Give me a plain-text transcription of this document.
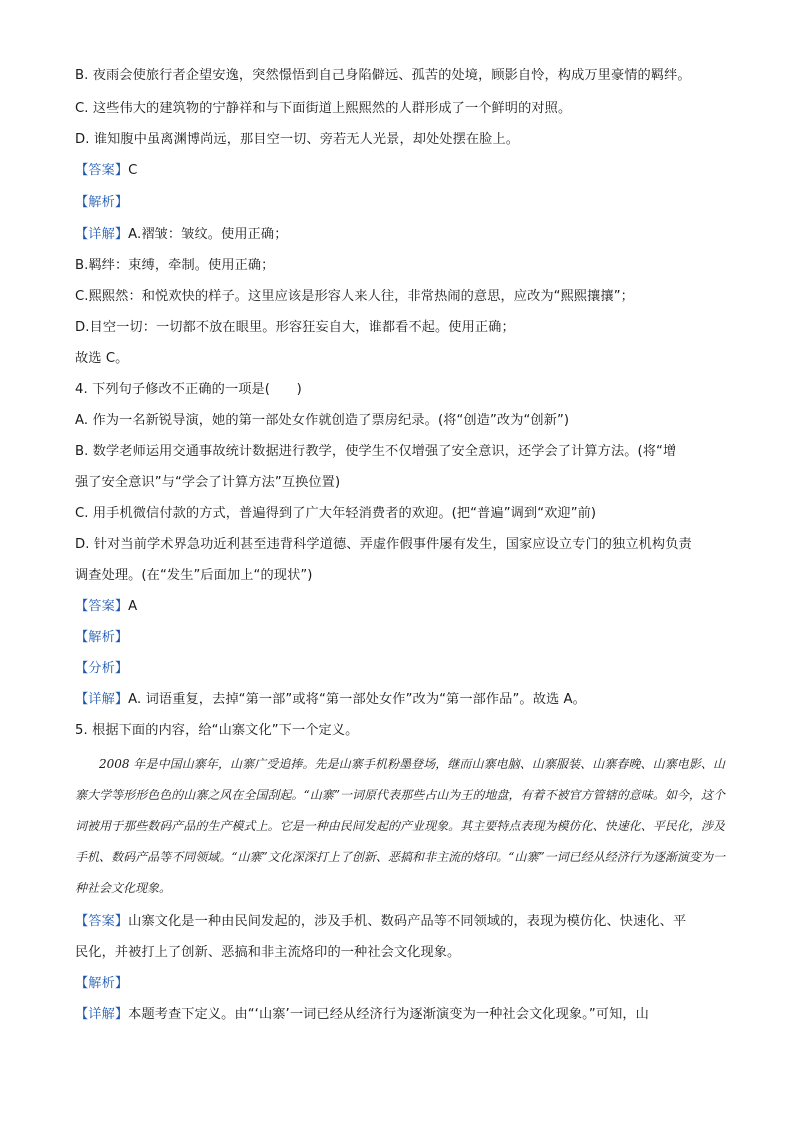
B. 夜雨会使旅行者企望安逸，突然憬悟到自己身陷僻远、孤苦的处境，顾影自怜，构成万里豪情的羁绊。
C. 这些伟大的建筑物的宁静祥和与下面街道上熙熙然的人群形成了一个鲜明的对照。
D. 谁知腹中虽离渊博尚远，那目空一切、旁若无人光景，却处处摆在脸上。
【答案】C
【解析】
【详解】A.褶皱：皱纹。使用正确；
B.羁绊：束缚，牵制。使用正确；
C.熙熙然：和悦欢快的样子。这里应该是形容人来人往，非常热闹的意思，应改为“熙熙攘攘”；
D.目空一切：一切都不放在眼里。形容狂妄自大，谁都看不起。使用正确；
故选 C。
4. 下列句子修改不正确的一项是(　　)
A. 作为一名新锐导演，她的第一部处女作就创造了票房纪录。(将“创造”改为“创新”)
B. 数学老师运用交通事故统计数据进行教学，使学生不仅增强了安全意识，还学会了计算方法。(将“增
强了安全意识”与“学会了计算方法”互换位置)
C. 用手机微信付款的方式，普遍得到了广大年轻消费者的欢迎。(把“普遍”调到“欢迎”前)
D. 针对当前学术界急功近利甚至违背科学道德、弄虚作假事件屡有发生，国家应设立专门的独立机构负责
调查处理。(在“发生”后面加上“的现状”)
【答案】A
【解析】
【分析】
【详解】A. 词语重复，去掉“第一部”或将“第一部处女作”改为“第一部作品”。故选 A。
5. 根据下面的内容，给“山寨文化”下一个定义。

2008 年是中国山寨年，山寨广受追捧。先是山寨手机粉墨登场，继而山寨电脑、山寨服装、山寨春晚、山寨电影、山寨大学等形形色色的山寨之风在全国刮起。“山寨”一词原代表那些占山为王的地盘，有着不被官方管辖的意味。如今，这个词被用于那些数码产品的生产模式上。它是一种由民间发起的产业现象。其主要特点表现为模仿化、快速化、平民化，涉及手机、数码产品等不同领域。“山寨”文化深深打上了创新、恶搞和非主流的烙印。“山寨”一词已经从经济行为逐渐演变为一种社会文化现象。

【答案】山寨文化是一种由民间发起的，涉及手机、数码产品等不同领域的，表现为模仿化、快速化、平
民化，并被打上了创新、恶搞和非主流烙印的一种社会文化现象。
【解析】
【详解】本题考查下定义。由“‘山寨’一词已经从经济行为逐渐演变为一种社会文化现象。”可知，山
